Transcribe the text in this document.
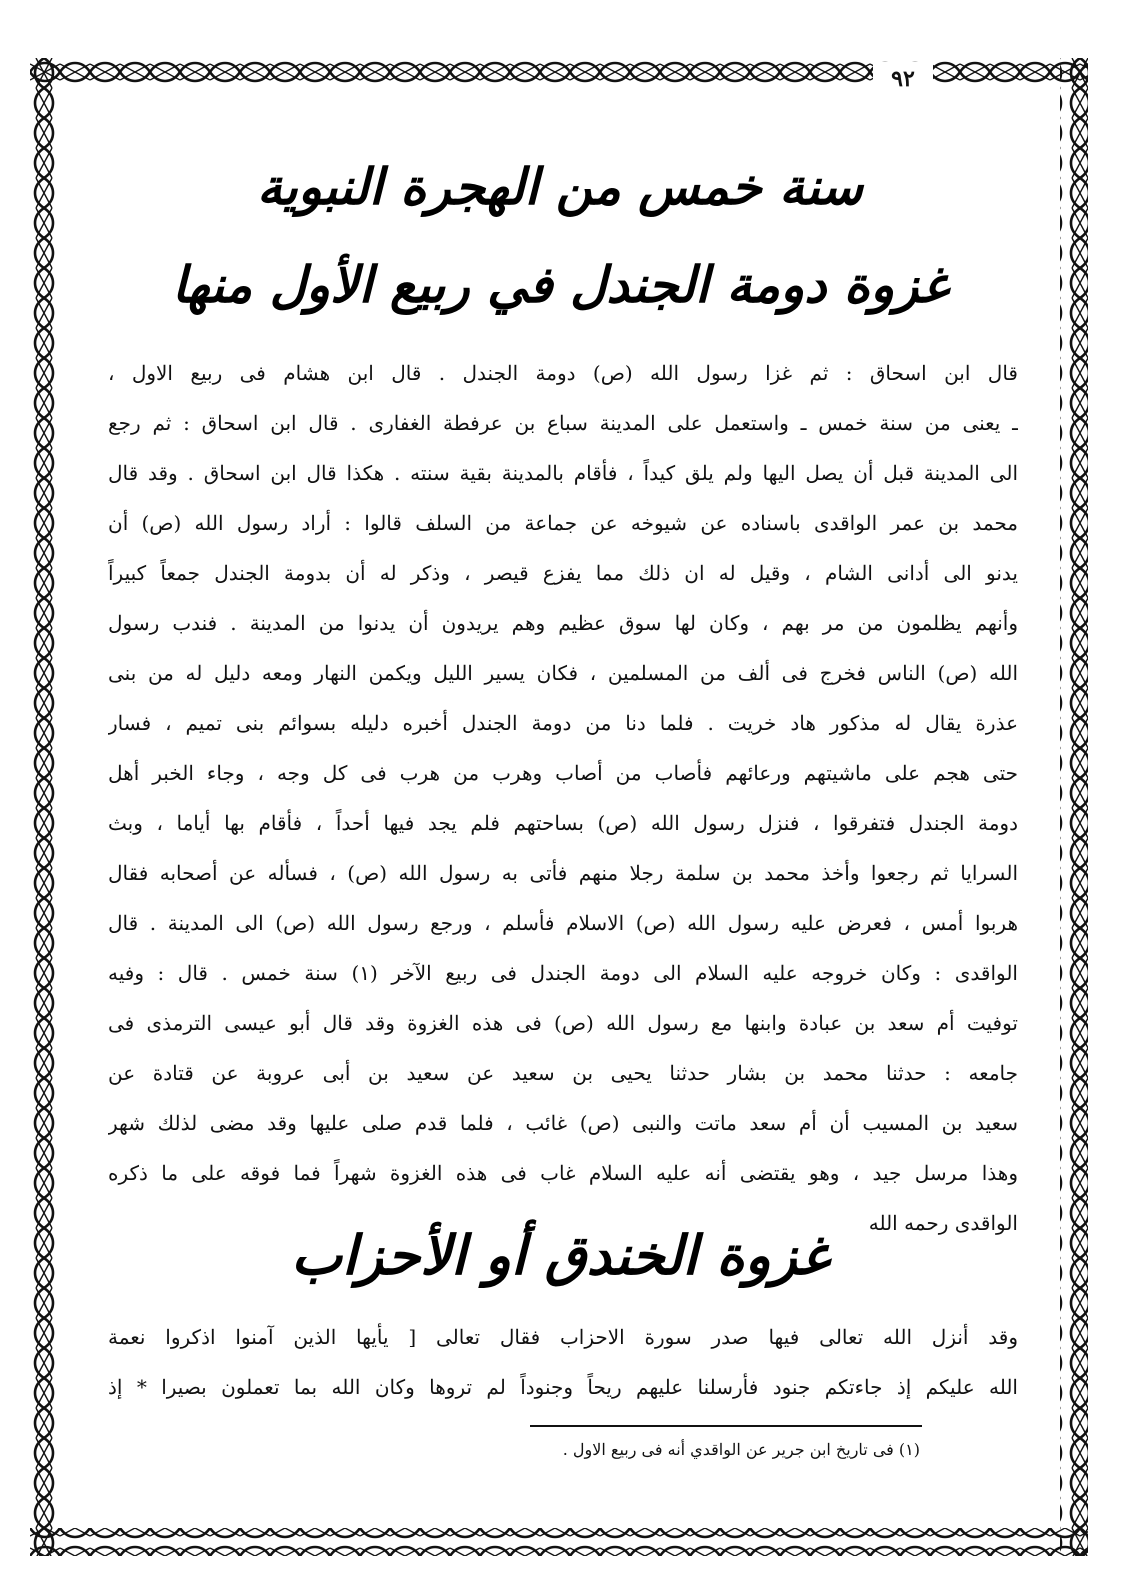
٩٢
سنة خمس من الهجرة النبوية
غزوة دومة الجندل في ربيع الأول منها
قال ابن اسحاق : ثم غزا رسول الله (ص) دومة الجندل . قال ابن هشام فى ربيع الاول ،
ـ يعنى من سنة خمس ـ واستعمل على المدينة سباع بن عرفطة الغفارى . قال ابن اسحاق : ثم رجع
الى المدينة قبل أن يصل اليها ولم يلق كيداً ، فأقام بالمدينة بقية سنته . هكذا قال ابن اسحاق . وقد قال
محمد بن عمر الواقدى باسناده عن شيوخه عن جماعة من السلف قالوا : أراد رسول الله (ص) أن
يدنو الى أدانى الشام ، وقيل له ان ذلك مما يفزع قيصر ، وذكر له أن بدومة الجندل جمعاً كبيراً
وأنهم يظلمون من مر بهم ، وكان لها سوق عظيم وهم يريدون أن يدنوا من المدينة . فندب رسول
الله (ص) الناس فخرج فى ألف من المسلمين ، فكان يسير الليل ويكمن النهار ومعه دليل له من بنى
عذرة يقال له مذكور هاد خريت . فلما دنا من دومة الجندل أخبره دليله بسوائم بنى تميم ، فسار
حتى هجم على ماشيتهم ورعائهم فأصاب من أصاب وهرب من هرب فى كل وجه ، وجاء الخبر أهل
دومة الجندل فتفرقوا ، فنزل رسول الله (ص) بساحتهم فلم يجد فيها أحداً ، فأقام بها أياما ، وبث
السرايا ثم رجعوا وأخذ محمد بن سلمة رجلا منهم فأتى به رسول الله (ص) ، فسأله عن أصحابه فقال
هربوا أمس ، فعرض عليه رسول الله (ص) الاسلام فأسلم ، ورجع رسول الله (ص) الى المدينة . قال
الواقدى : وكان خروجه عليه السلام الى دومة الجندل فى ربيع الآخر (١) سنة خمس . قال : وفيه
توفيت أم سعد بن عبادة وابنها مع رسول الله (ص) فى هذه الغزوة وقد قال أبو عيسى الترمذى فى
جامعه : حدثنا محمد بن بشار حدثنا يحيى بن سعيد عن سعيد بن أبى عروبة عن قتادة عن
سعيد بن المسيب أن أم سعد ماتت والنبى (ص) غائب ، فلما قدم صلى عليها وقد مضى لذلك شهر
وهذا مرسل جيد ، وهو يقتضى أنه عليه السلام غاب فى هذه الغزوة شهراً فما فوقه على ما ذكره
الواقدى رحمه الله
غزوة الخندق أو الأحزاب
وقد أنزل الله تعالى فيها صدر سورة الاحزاب فقال تعالى [ يأيها الذين آمنوا اذكروا نعمة
الله عليكم إذ جاءتكم جنود فأرسلنا عليهم ريحاً وجنوداً لم تروها وكان الله بما تعملون بصيرا * إذ
(١) فى تاريخ ابن جرير عن الواقدي أنه فى ربيع الاول .
